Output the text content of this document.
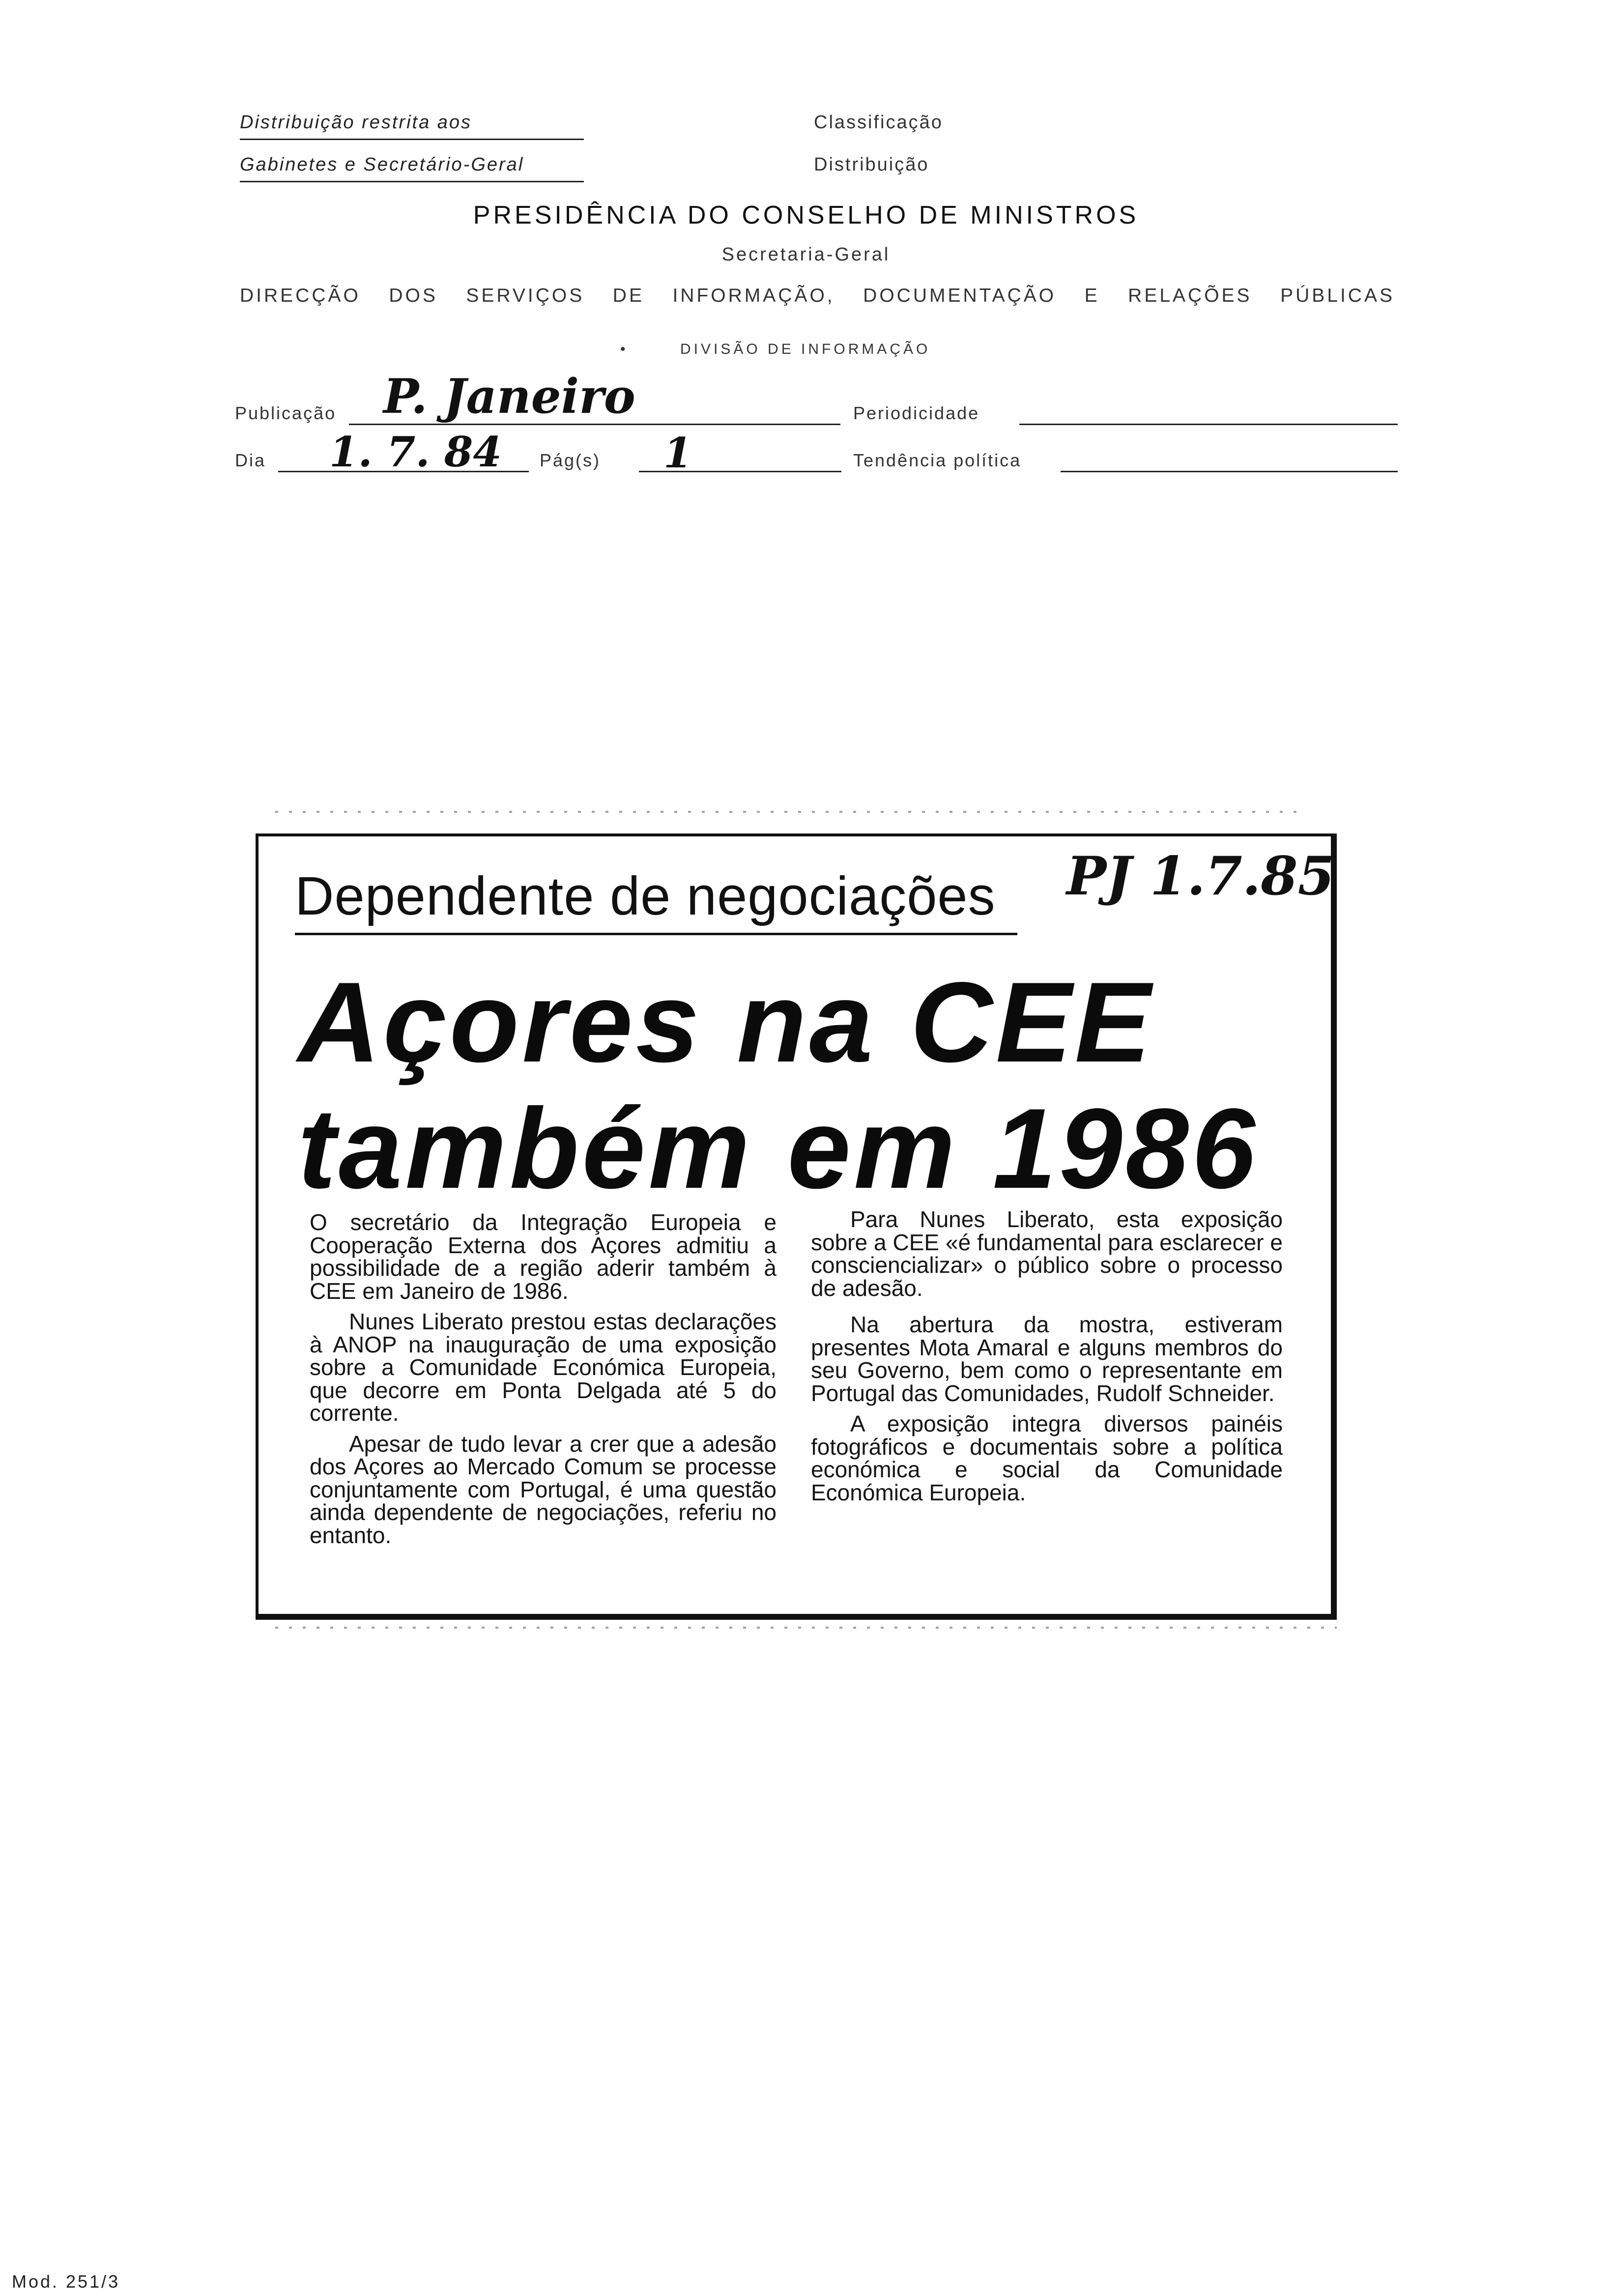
Distribuição restrita aos
Gabinetes e Secretário-Geral
Classificação
Distribuição
PRESIDÊNCIA DO CONSELHO DE MINISTROS
Secretaria-Geral
DIRECÇÃO DOS SERVIÇOS DE INFORMAÇÃO, DOCUMENTAÇÃO E RELAÇÕES PÚBLICAS
•	DIVISÃO DE INFORMAÇÃO
Publicação P. Janeiro	Periodicidade
Dia 1. 7. 84 Pág(s) 1	Tendência política
Dependente de negociações PJ 1.7.85
Açores na CEE
também em 1986

O secretário da Integração Europeia e Cooperação Externa dos Açores admitiu a possibilidade de a região aderir também à CEE em Janeiro de 1986.

Nunes Liberato prestou estas declarações à ANOP na inauguração de uma exposição sobre a Comunidade Económica Europeia, que decorre em Ponta Delgada até 5 do corrente.

Apesar de tudo levar a crer que a adesão dos Açores ao Mercado Comum se processe conjuntamente com Portugal, é uma questão ainda dependente de negociações, referiu no entanto.

Para Nunes Liberato, esta exposição sobre a CEE «é fundamental para esclarecer e consciencializar» o público sobre o processo de adesão.

Na abertura da mostra, estiveram presentes Mota Amaral e alguns membros do seu Governo, bem como o representante em Portugal das Comunidades, Rudolf Schneider.

A exposição integra diversos painéis fotográficos e documentais sobre a política económica e social da Comunidade Económica Europeia.

Mod. 251/3
